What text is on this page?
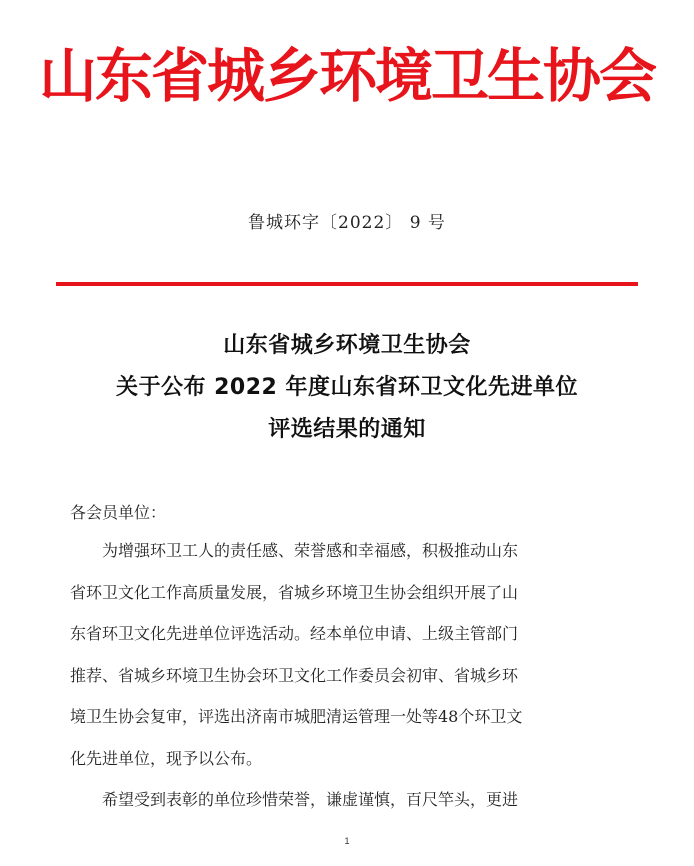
山东省城乡环境卫生协会
鲁城环字〔2022〕 9 号
山东省城乡环境卫生协会
关于公布 2022 年度山东省环卫文化先进单位
评选结果的通知
各会员单位：
为增强环卫工人的责任感、荣誉感和幸福感，积极推动山东
省环卫文化工作高质量发展，省城乡环境卫生协会组织开展了山
东省环卫文化先进单位评选活动。经本单位申请、上级主管部门
推荐、省城乡环境卫生协会环卫文化工作委员会初审、省城乡环
境卫生协会复审，评选出济南市城肥清运管理一处等48个环卫文
化先进单位，现予以公布。
希望受到表彰的单位珍惜荣誉，谦虚谨慎，百尺竿头，更进
1
